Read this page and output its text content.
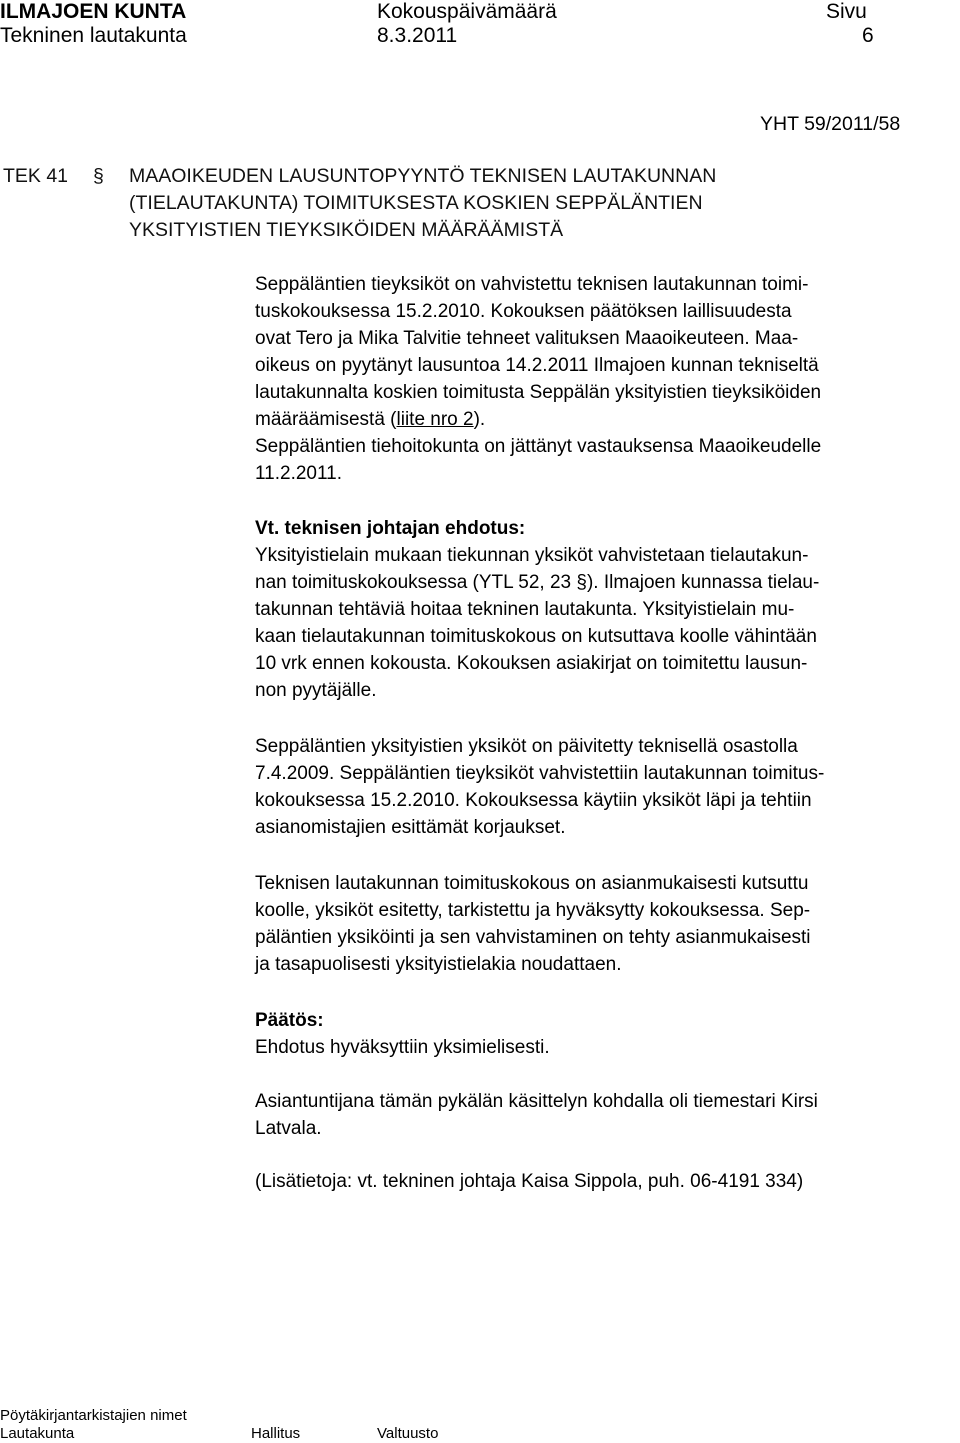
ILMAJOEN KUNTA
Tekninen lautakunta
Kokouspäivämäärä
8.3.2011
Sivu
6
YHT 59/2011/58
TEK 41 § MAAOIKEUDEN LAUSUNTOPYYNTÖ TEKNISEN LAUTAKUNNAN
(TIELAUTAKUNTA) TOIMITUKSESTA KOSKIEN SEPPÄLÄNTIEN
YKSITYISTIEN TIEYKSIKÖIDEN MÄÄRÄÄMISTÄ

Seppäläntien tieyksiköt on vahvistettu teknisen lautakunnan toimi-

tuskokouksessa 15.2.2010. Kokouksen päätöksen laillisuudesta

ovat Tero ja Mika Talvitie tehneet valituksen Maaoikeuteen. Maa-

oikeus on pyytänyt lausuntoa 14.2.2011 Ilmajoen kunnan tekniseltä

lautakunnalta koskien toimitusta Seppälän yksityistien tieyksiköiden

määräämisestä (liite nro 2).

Seppäläntien tiehoitokunta on jättänyt vastauksensa Maaoikeudelle

11.2.2011.

Vt. teknisen johtajan ehdotus:

Yksityistielain mukaan tiekunnan yksiköt vahvistetaan tielautakun-

nan toimituskokouksessa (YTL 52, 23 §). Ilmajoen kunnassa tielau-

takunnan tehtäviä hoitaa tekninen lautakunta. Yksityistielain mu-

kaan tielautakunnan toimituskokous on kutsuttava koolle vähintään

10 vrk ennen kokousta. Kokouksen asiakirjat on toimitettu lausun-

non pyytäjälle.

Seppäläntien yksityistien yksiköt on päivitetty teknisellä osastolla

7.4.2009. Seppäläntien tieyksiköt vahvistettiin lautakunnan toimitus-

kokouksessa 15.2.2010. Kokouksessa käytiin yksiköt läpi ja tehtiin

asianomistajien esittämät korjaukset.

Teknisen lautakunnan toimituskokous on asianmukaisesti kutsuttu

koolle, yksiköt esitetty, tarkistettu ja hyväksytty kokouksessa. Sep-

päläntien yksiköinti ja sen vahvistaminen on tehty asianmukaisesti

ja tasapuolisesti yksityistielakia noudattaen.

Päätös:

Ehdotus hyväksyttiin yksimielisesti.

Asiantuntijana tämän pykälän käsittelyn kohdalla oli tiemestari Kirsi

Latvala.

(Lisätietoja: vt. tekninen johtaja Kaisa Sippola, puh. 06-4191 334)

Pöytäkirjantarkistajien nimet
Lautakunta	Hallitus	Valtuusto
